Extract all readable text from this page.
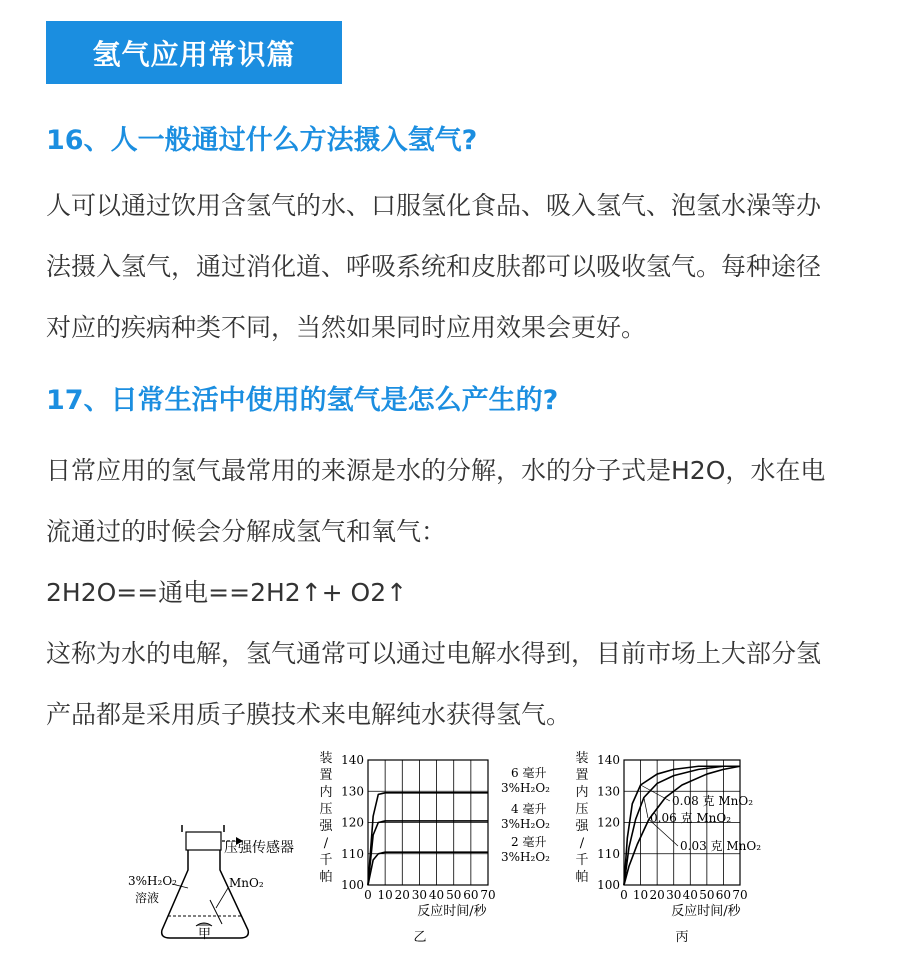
氢气应用常识篇
16、人一般通过什么方法摄入氢气?
人可以通过饮用含氢气的水、口服氢化食品、吸入氢气、泡氢水澡等办
法摄入氢气，通过消化道、呼吸系统和皮肤都可以吸收氢气。每种途径
对应的疾病种类不同，当然如果同时应用效果会更好。
17、日常生活中使用的氢气是怎么产生的?
日常应用的氢气最常用的来源是水的分解，水的分子式是H2O，水在电
流通过的时候会分解成氢气和氧气：
2H2O==通电==2H2↑+ O2↑
这称为水的电解，氢气通常可以通过电解水得到，目前市场上大部分氢
产品都是采用质子膜技术来电解纯水获得氢气。
压强传感器
3%H₂O₂
溶液
MnO₂
甲
0 10 20 30 40 50 60 70
100
110
120
130
140
装
置
内
压
强
/
千
帕
反应时间/秒
乙
6 毫升
3%H₂O₂
4 毫升
3%H₂O₂
2 毫升
3%H₂O₂
0 10 20 30 40 50 60 70
100
110
120
130
140
装
置
内
压
强
/
千
帕
反应时间/秒
丙
0.08 克 MnO₂
0.06 克 MnO₂
0.03 克 MnO₂
